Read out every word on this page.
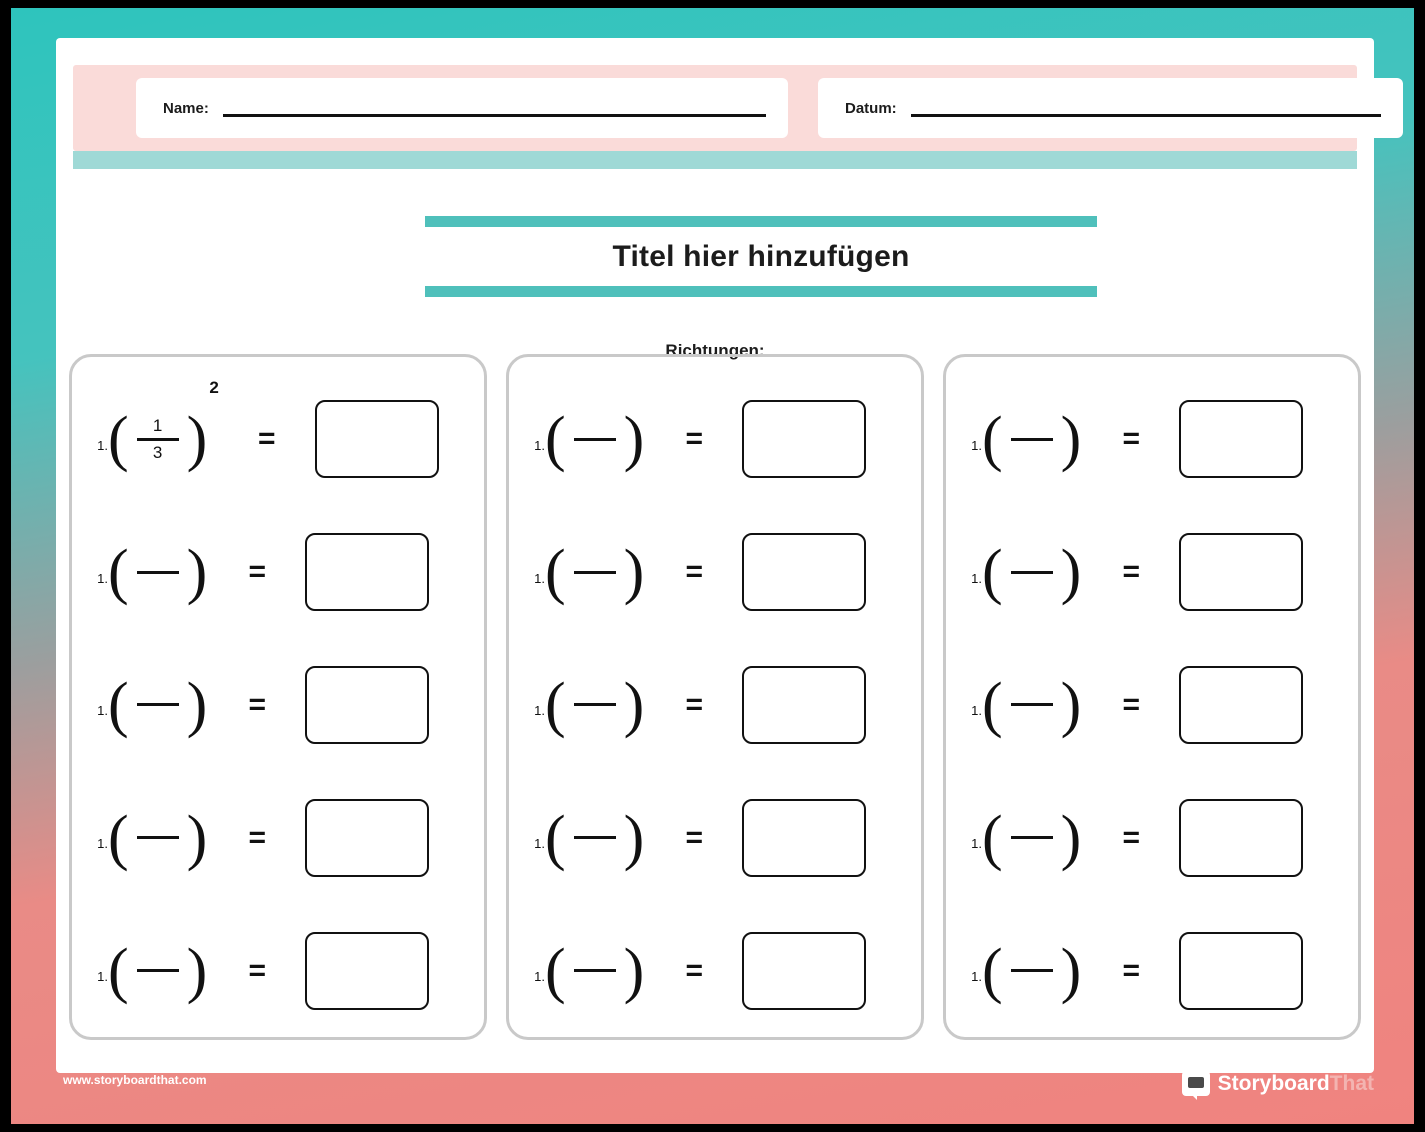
Name:	Datum:
Titel hier hinzufügen
Richtungen:
1. ( $\frac{1}{3}$ )
2
=
1. ( )	=
1. ( )	=
1. ( )	=
1. ( )	=
1. ( )	=
1. ( )	=
1. ( )	=
1. ( )	=
1. ( )	=
1. ( )	=
1. ( )	=
1. ( )	=
1. ( )	=
1. ( )	=
www.storyboardthat.com	StoryboardThat
